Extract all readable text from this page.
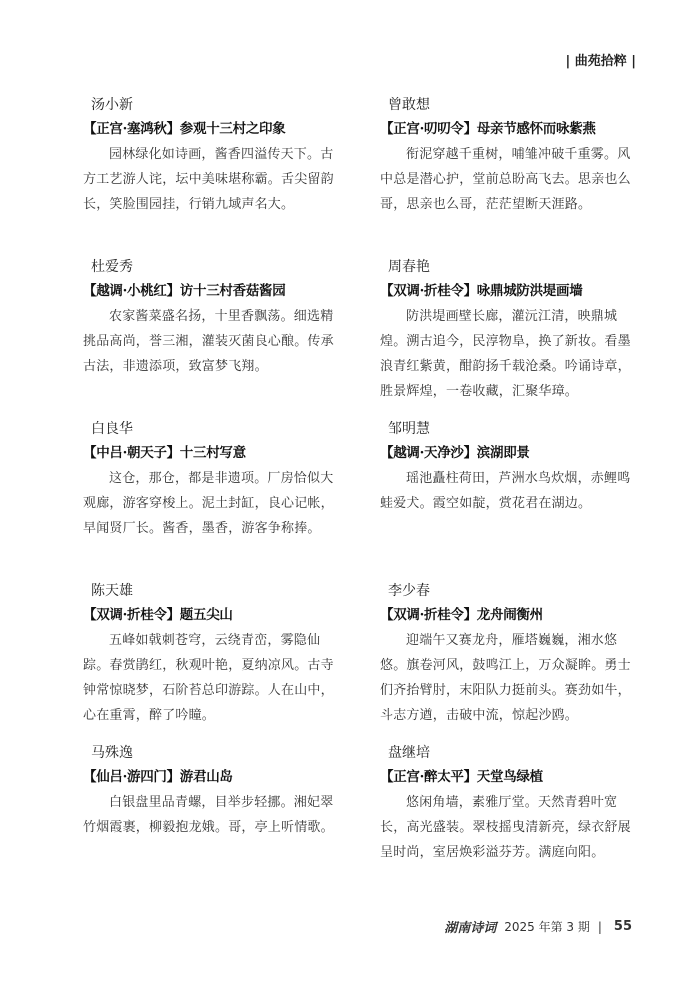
| 曲苑拾粹 |
汤小新
【正宫·塞鸿秋】参观十三村之印象

园林绿化如诗画，酱香四溢传天下。古方工艺游人诧，坛中美味堪称霸。舌尖留韵长，笑脸围园挂，行销九域声名大。

杜爱秀
【越调·小桃红】访十三村香菇酱园

农家酱菜盛名扬，十里香飘荡。细选精挑品高尚，誉三湘，灌装灭菌良心酿。传承古法，非遗添项，致富梦飞翔。

白良华
【中吕·朝天子】十三村写意

这仓，那仓，都是非遗项。厂房恰似大观廊，游客穿梭上。泥土封缸，良心记帐，早闻贤厂长。酱香，墨香，游客争称捧。

陈天雄
【双调·折桂令】题五尖山

五峰如戟刺苍穹，云绕青峦，雾隐仙踪。春赏鹃红，秋观叶艳，夏纳凉风。古寺钟常惊晓梦，石阶苔总印游踪。人在山中，心在重霄，醉了吟瞳。

马殊逸
【仙吕·游四门】游君山岛

白银盘里品青螺，目举步轻挪。湘妃翠竹烟霞裹，柳毅抱龙娥。哥，亭上听情歌。

曾敢想
【正宫·叨叨令】母亲节感怀而咏紫燕

衔泥穿越千重树，哺雏冲破千重雾。风中总是潜心护，堂前总盼高飞去。思亲也么哥，思亲也么哥，茫茫望断天涯路。

周春艳
【双调·折桂令】咏鼎城防洪堤画墙

防洪堤画壁长廊，灌沅江清，映鼎城煌。溯古追今，民淳物阜，换了新妆。看墨浪青红紫黄，酣韵扬千载沧桑。吟诵诗章，胜景辉煌，一卷收藏，汇聚华璋。

邹明慧
【越调·天净沙】滨湖即景

瑶池矗柱荷田，芦洲水鸟炊烟，赤鲤鸣蛙爱犬。霞空如靛，赏花君在湖边。

李少春
【双调·折桂令】龙舟闹衡州

迎端午又赛龙舟，雁塔巍巍，湘水悠悠。旗卷河风，鼓鸣江上，万众凝眸。勇士们齐抬臂肘，末阳队力挺前头。赛劲如牛，斗志方遒，击破中流，惊起沙鸥。

盘继培
【正宫·醉太平】天堂鸟绿植

悠闲角墙，素雅厅堂。天然青碧叶宽长，高光盛装。翠枝摇曳清新亮，绿衣舒展呈时尚，室居焕彩溢芬芳。满庭向阳。

湖南诗词 2025 年第 3 期 | 55
